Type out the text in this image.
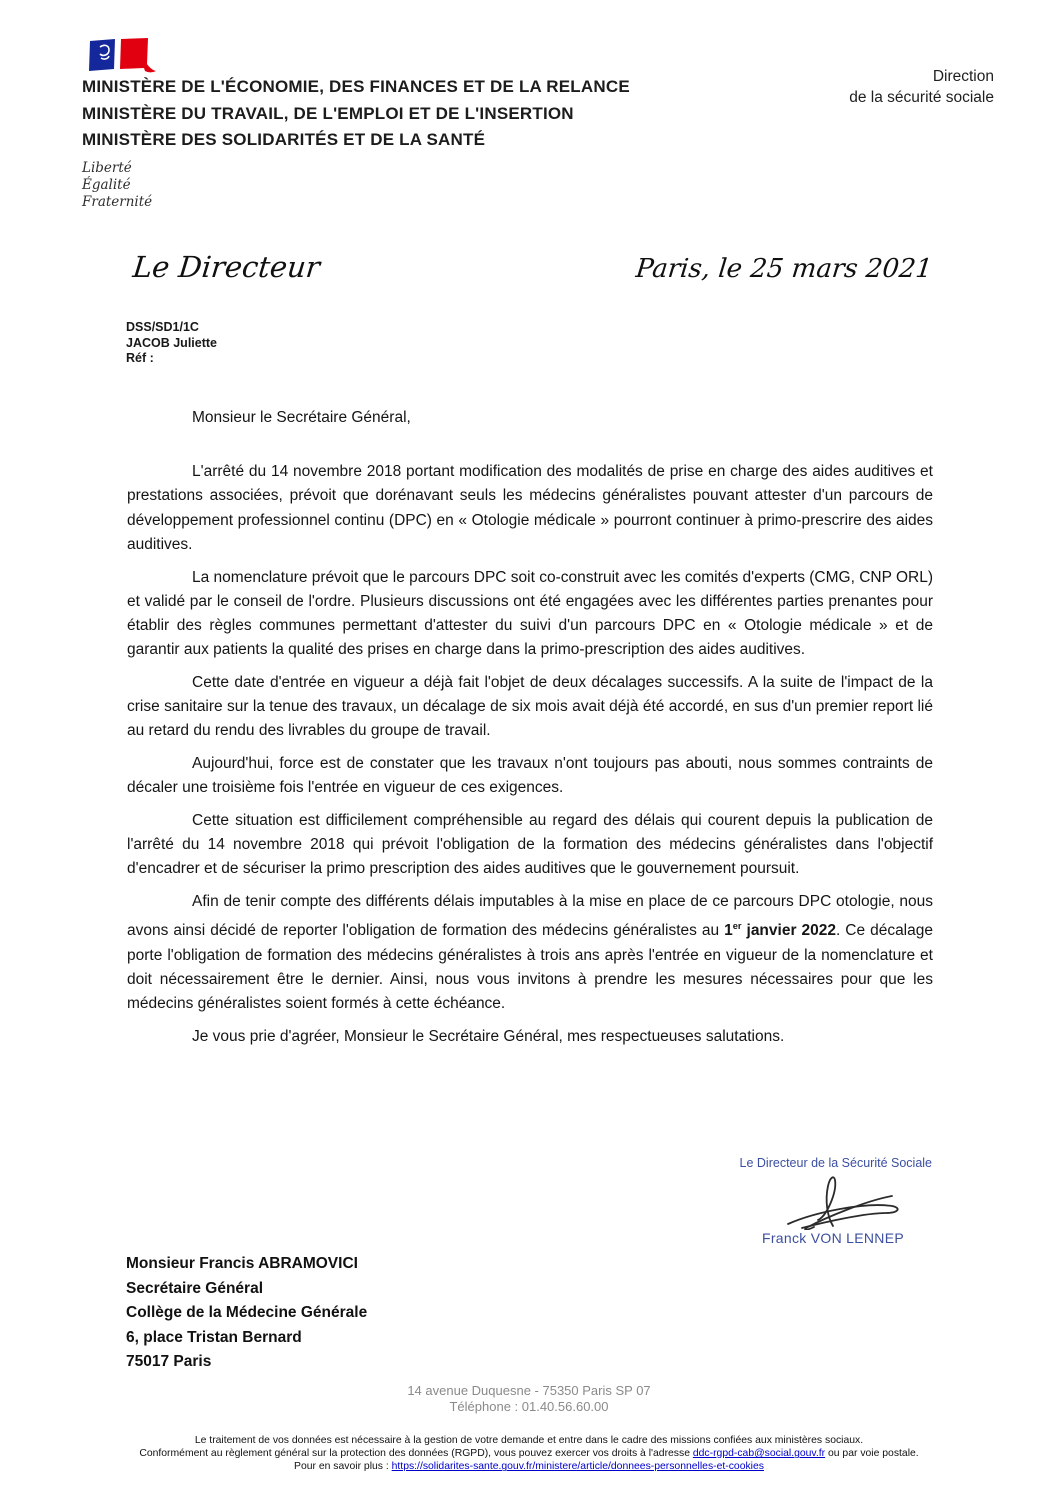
MINISTÈRE DE L'ÉCONOMIE, DES FINANCES ET DE LA RELANCE
MINISTÈRE DU TRAVAIL, DE L'EMPLOI ET DE L'INSERTION
MINISTÈRE DES SOLIDARITÉS ET DE LA SANTÉ
Liberté
Égalité
Fraternité
Direction
de la sécurité sociale
Le Directeur	Paris, le 25 mars 2021
DSS/SD1/1C
JACOB Juliette
Réf :

Monsieur le Secrétaire Général,

L'arrêté du 14 novembre 2018 portant modification des modalités de prise en charge des aides auditives et prestations associées, prévoit que dorénavant seuls les médecins généralistes pouvant attester d'un parcours de développement professionnel continu (DPC) en « Otologie médicale » pourront continuer à primo-prescrire des aides auditives.

La nomenclature prévoit que le parcours DPC soit co-construit avec les comités d'experts (CMG, CNP ORL) et validé par le conseil de l'ordre. Plusieurs discussions ont été engagées avec les différentes parties prenantes pour établir des règles communes permettant d'attester du suivi d'un parcours DPC en « Otologie médicale » et de garantir aux patients la qualité des prises en charge dans la primo-prescription des aides auditives.

Cette date d'entrée en vigueur a déjà fait l'objet de deux décalages successifs. A la suite de l'impact de la crise sanitaire sur la tenue des travaux, un décalage de six mois avait déjà été accordé, en sus d'un premier report lié au retard du rendu des livrables du groupe de travail.

Aujourd'hui, force est de constater que les travaux n'ont toujours pas abouti, nous sommes contraints de décaler une troisième fois l'entrée en vigueur de ces exigences.

Cette situation est difficilement compréhensible au regard des délais qui courent depuis la publication de l'arrêté du 14 novembre 2018 qui prévoit l'obligation de la formation des médecins généralistes dans l'objectif d'encadrer et de sécuriser la primo prescription des aides auditives que le gouvernement poursuit.

Afin de tenir compte des différents délais imputables à la mise en place de ce parcours DPC otologie, nous avons ainsi décidé de reporter l'obligation de formation des médecins généralistes au 1er janvier 2022. Ce décalage porte l'obligation de formation des médecins généralistes à trois ans après l'entrée en vigueur de la nomenclature et doit nécessairement être le dernier. Ainsi, nous vous invitons à prendre les mesures nécessaires pour que les médecins généralistes soient formés à cette échéance.

Je vous prie d'agréer, Monsieur le Secrétaire Général, mes respectueuses salutations.

Le Directeur de la Sécurité Sociale
Franck VON LENNEP
Monsieur Francis ABRAMOVICI
Secrétaire Général
Collège de la Médecine Générale
6, place Tristan Bernard
75017 Paris
14 avenue Duquesne - 75350 Paris SP 07
Téléphone : 01.40.56.60.00
Le traitement de vos données est nécessaire à la gestion de votre demande et entre dans le cadre des missions confiées aux ministères sociaux.
Conformément au règlement général sur la protection des données (RGPD), vous pouvez exercer vos droits à l'adresse ddc-rgpd-cab@social.gouv.fr ou par voie postale.
Pour en savoir plus : https://solidarites-sante.gouv.fr/ministere/article/donnees-personnelles-et-cookies
